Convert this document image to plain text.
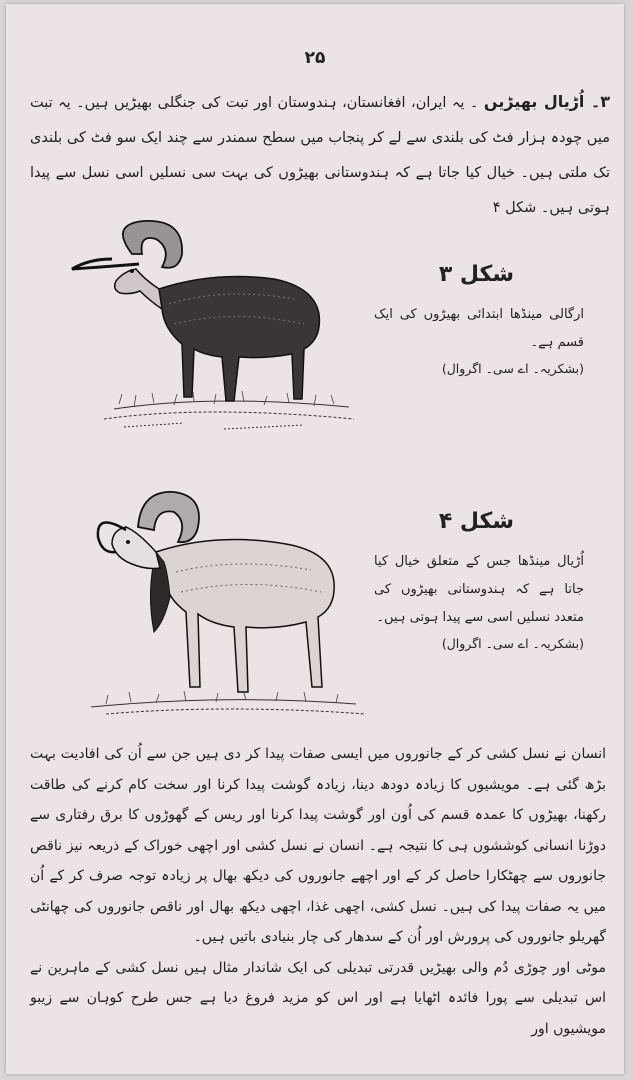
۲۵
۳۔ اُڑیال بھیڑیں ۔ یہ ایران، افغانستان، ہندوستان اور تبت کی جنگلی بھیڑیں ہیں۔ یہ تبت میں چودہ ہزار فٹ کی بلندی سے لے کر پنجاب میں سطح سمندر سے چند ایک سو فٹ کی بلندی تک ملتی ہیں۔ خیال کیا جاتا ہے کہ ہندوستانی بھیڑوں کی بہت سی نسلیں اسی نسل سے پیدا ہوتی ہیں۔ شکل ۴
شکل ۳
ارگالی مینڈھا ابتدائی بھیڑوں کی ایک قسم ہے۔
(بشکریہ۔ اے سی۔ اگروال)
شکل ۴
اُڑیال مینڈھا جس کے متعلق خیال کیا جاتا ہے کہ ہندوستانی بھیڑوں کی متعدد نسلیں اسی سے پیدا ہوتی ہیں۔
(بشکریہ۔ اے سی۔ اگروال)
انسان نے نسل کشی کر کے جانوروں میں ایسی صفات پیدا کر دی ہیں جن سے اُن کی افادیت بہت بڑھ گئی ہے۔ مویشیوں کا زیادہ دودھ دینا، زیادہ گوشت پیدا کرنا اور سخت کام کرنے کی طاقت رکھنا، بھیڑوں کا عمدہ قسم کی اُون اور گوشت پیدا کرنا اور ریس کے گھوڑوں کا برق رفتاری سے دوڑنا انسانی کوششوں ہی کا نتیجہ ہے۔ انسان نے نسل کشی اور اچھی خوراک کے ذریعہ نیز ناقص جانوروں سے چھٹکارا حاصل کر کے اور اچھے جانوروں کی دیکھ بھال پر زیادہ توجہ صرف کر کے اُن میں یہ صفات پیدا کی ہیں۔ نسل کشی، اچھی غذا، اچھی دیکھ بھال اور ناقص جانوروں کی چھانٹی گھریلو جانوروں کی پرورش اور اُن کے سدھار کی چار بنیادی باتیں ہیں۔
موٹی اور چوڑی دُم والی بھیڑیں قدرتی تبدیلی کی ایک شاندار مثال ہیں نسل کشی کے ماہرین نے اس تبدیلی سے پورا فائدہ اٹھایا ہے اور اس کو مزید فروغ دیا ہے جس طرح کوہان سے زیبو مویشیوں اور
